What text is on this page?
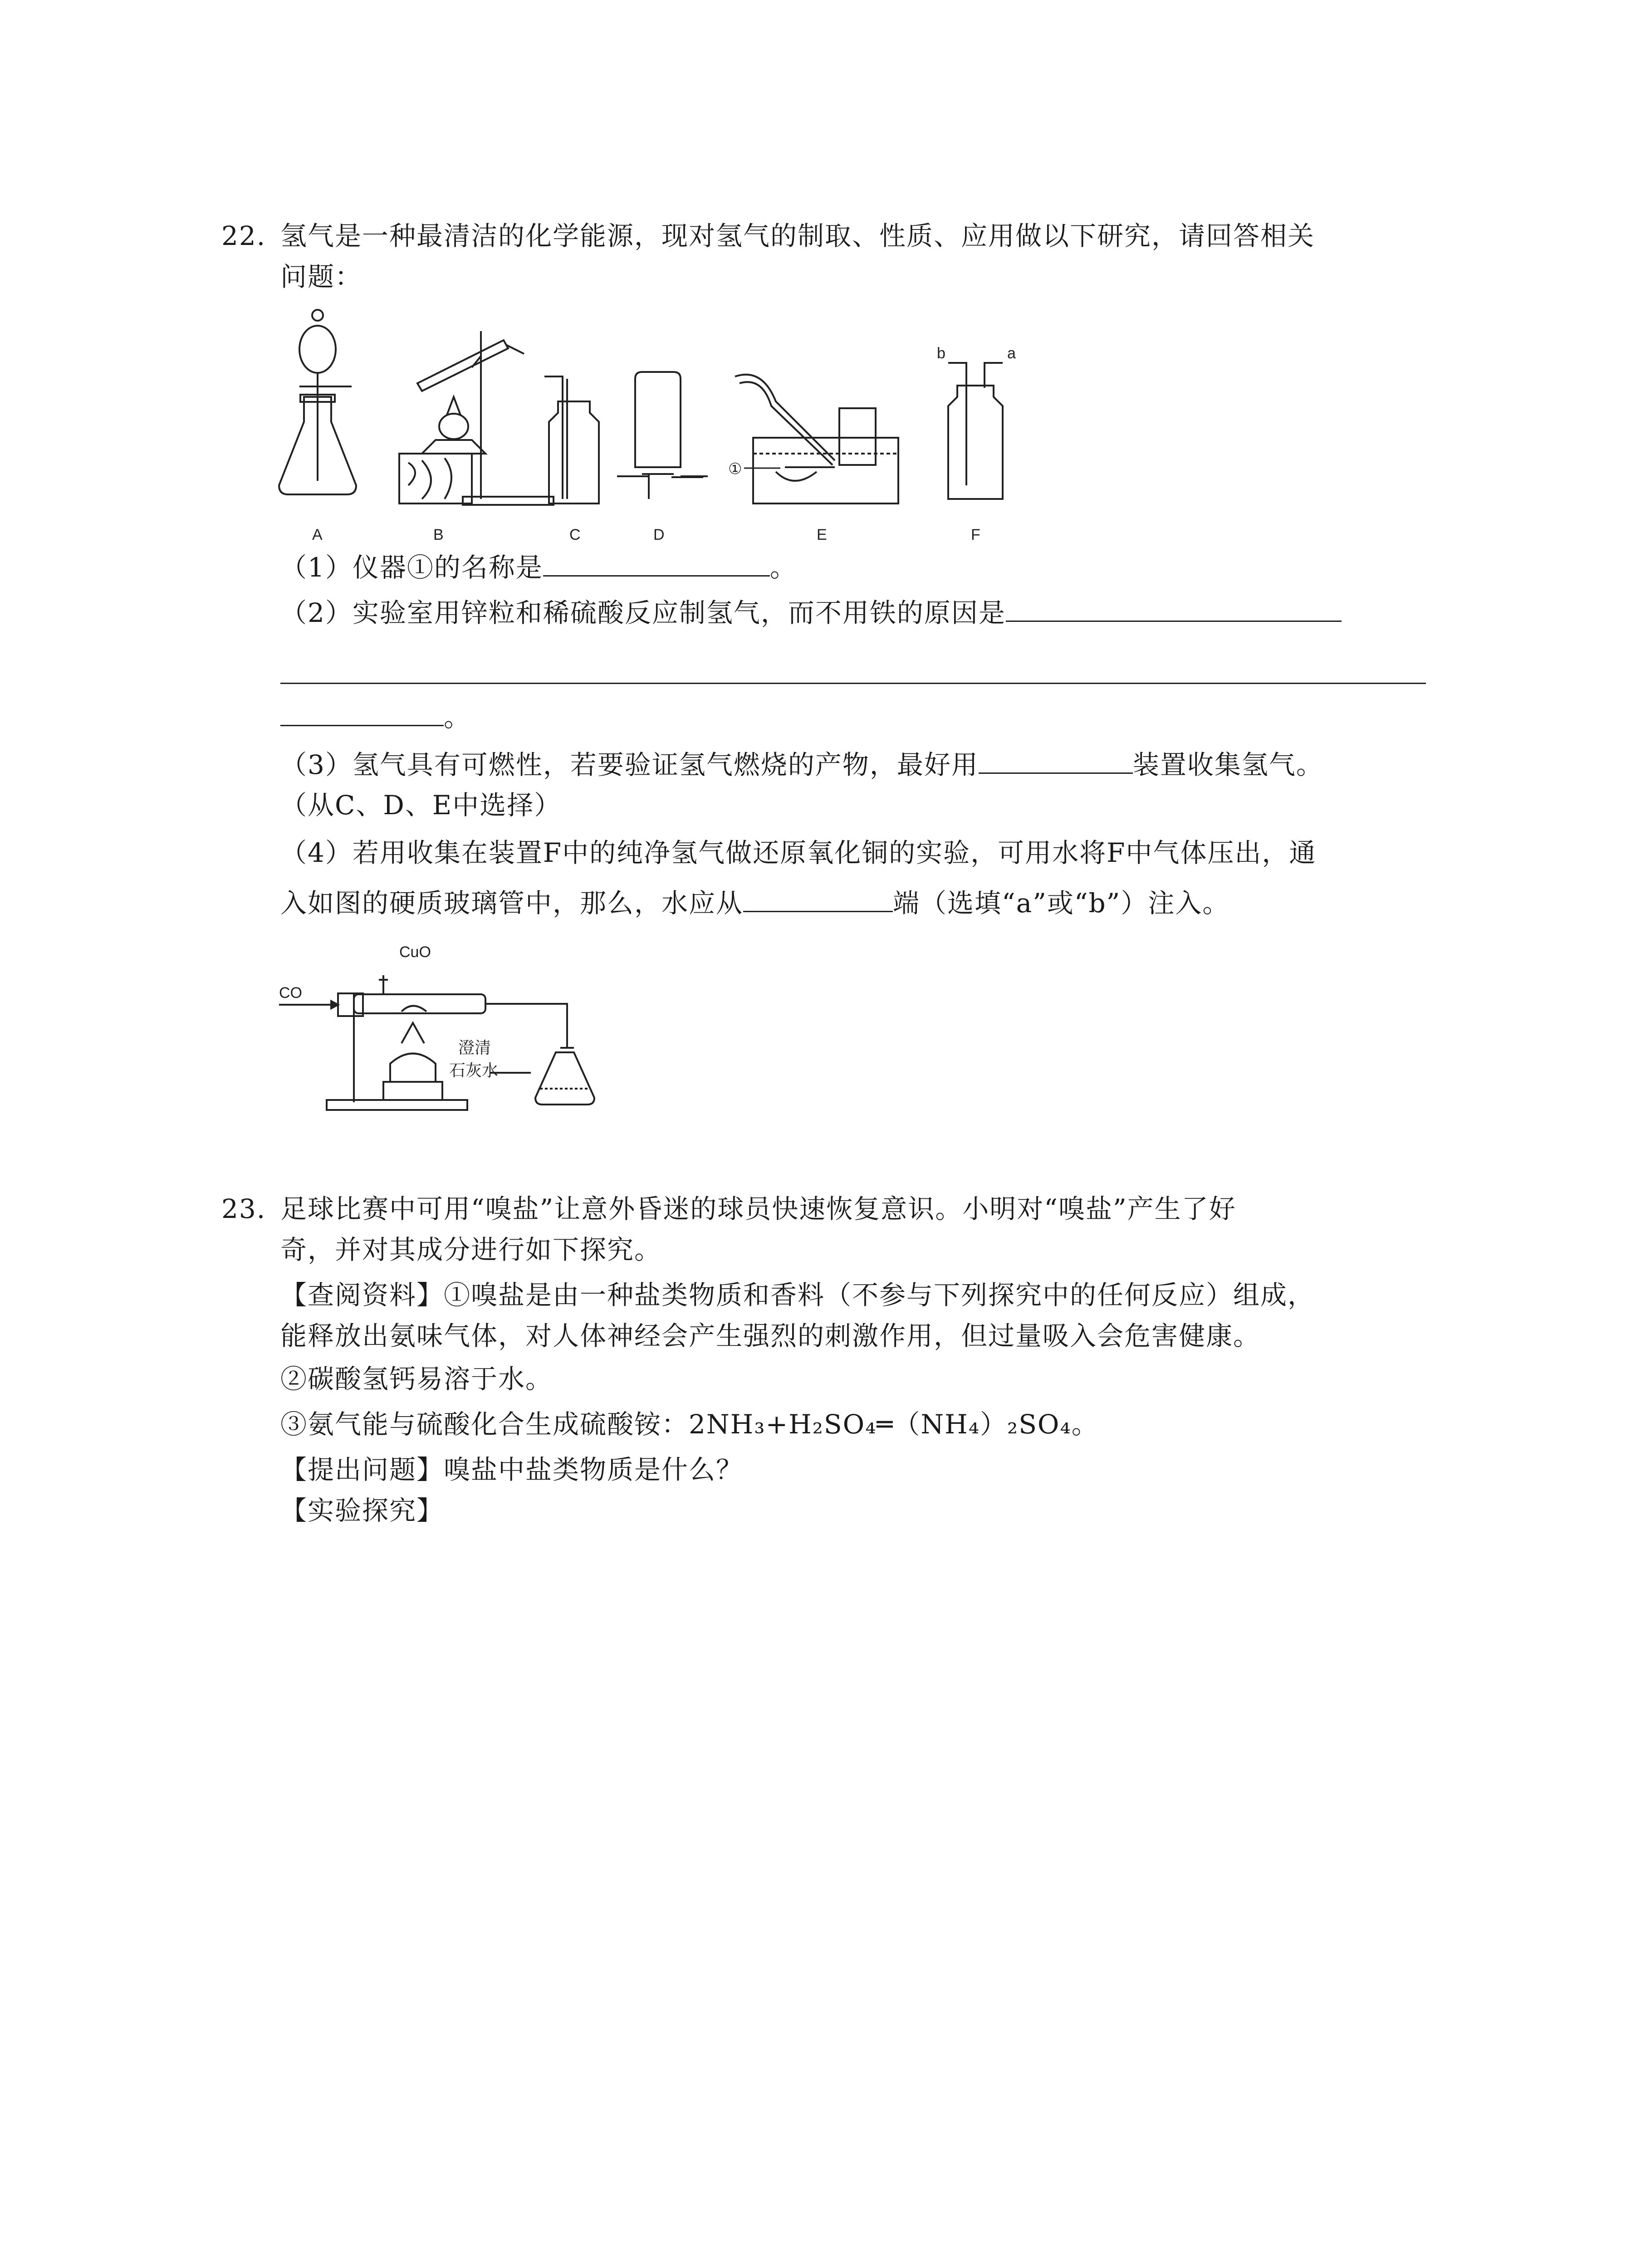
22. 氢气是一种最清洁的化学能源，现对氢气的制取、性质、应用做以下研究，请回答相关
问题：
①
b	a
A	B	C	D	E	F
（1）仪器①的名称是	。
（2）实验室用锌粒和稀硫酸反应制氢气，而不用铁的原因是
。
（3）氢气具有可燃性，若要验证氢气燃烧的产物，最好用	装置收集氢气。
（从C、D、E中选择）
（4）若用收集在装置F中的纯净氢气做还原氧化铜的实验，可用水将F中气体压出，通
入如图的硬质玻璃管中，那么，水应从	端（选填“a”或“b”）注入。
CO
CuO
澄清
石灰水
23. 足球比赛中可用“嗅盐”让意外昏迷的球员快速恢复意识。小明对“嗅盐”产生了好
奇，并对其成分进行如下探究。
【查阅资料】①嗅盐是由一种盐类物质和香料（不参与下列探究中的任何反应）组成，
能释放出氨味气体，对人体神经会产生强烈的刺激作用，但过量吸入会危害健康。
②碳酸氢钙易溶于水。
③氨气能与硫酸化合生成硫酸铵：2NH₃+H₂SO₄═（NH₄）₂SO₄。
【提出问题】嗅盐中盐类物质是什么？
【实验探究】
